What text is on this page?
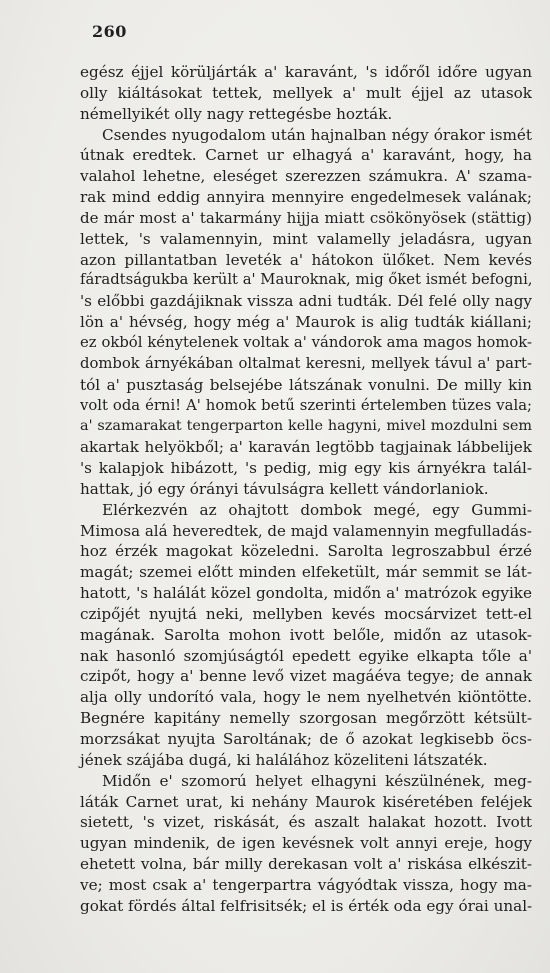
260
egész éjjel körüljárták a' karavánt, 's időről időre ugyan
olly kiáltásokat tettek, mellyek a' mult éjjel az utasok
némellyikét olly nagy rettegésbe hozták.
Csendes nyugodalom után hajnalban négy órakor ismét
útnak eredtek. Carnet ur elhagyá a' karavánt, hogy, ha
valahol lehetne, eleséget szerezzen számukra. A' szama-
rak mind eddig annyira mennyire engedelmesek valának;
de már most a' takarmány hijja miatt csökönyösek (stättig)
lettek, 's valamennyin, mint valamelly jeladásra, ugyan
azon pillantatban leveték a' hátokon ülőket. Nem kevés
fáradtságukba került a' Mauroknak, mig őket ismét befogni,
's előbbi gazdájiknak vissza adni tudták. Dél felé olly nagy
lön a' hévség, hogy még a' Maurok is alig tudták kiállani;
ez okból kénytelenek voltak a' vándorok ama magos homok-
dombok árnyékában oltalmat keresni, mellyek távul a' part-
tól a' pusztaság belsejébe látszának vonulni. De milly kin
volt oda érni! A' homok betű szerinti értelemben tüzes vala;
a' szamarakat tengerparton kelle hagyni, mivel mozdulni sem
akartak helyökből; a' karaván legtöbb tagjainak lábbelijek
's kalapjok hibázott, 's pedig, mig egy kis árnyékra talál-
hattak, jó egy órányi távulságra kellett vándorlaniok.
Elérkezvén az ohajtott dombok megé, egy Gummi-
Mimosa alá heveredtek, de majd valamennyin megfulladás-
hoz érzék magokat közeledni. Sarolta legroszabbul érzé
magát; szemei előtt minden elfeketült, már semmit se lát-
hatott, 's halálát közel gondolta, midőn a' matrózok egyike
czipőjét nyujtá neki, mellyben kevés mocsárvizet tett-el
magának. Sarolta mohon ivott belőle, midőn az utasok-
nak hasonló szomjúságtól epedett egyike elkapta tőle a'
czipőt, hogy a' benne levő vizet magáéva tegye; de annak
alja olly undorító vala, hogy le nem nyelhetvén kiöntötte.
Begnére kapitány nemelly szorgosan megőrzött kétsült-
morzsákat nyujta Saroltának; de ő azokat legkisebb öcs-
jének szájába dugá, ki halálához közeliteni látszaték.
Midőn e' szomorú helyet elhagyni készülnének, meg-
láták Carnet urat, ki nehány Maurok kiséretében feléjek
sietett, 's vizet, riskását, és aszalt halakat hozott. Ivott
ugyan mindenik, de igen kevésnek volt annyi ereje, hogy
ehetett volna, bár milly derekasan volt a' riskása elkészit-
ve; most csak a' tengerpartra vágyódtak vissza, hogy ma-
gokat fördés által felfrisitsék; el is érték oda egy órai unal-
